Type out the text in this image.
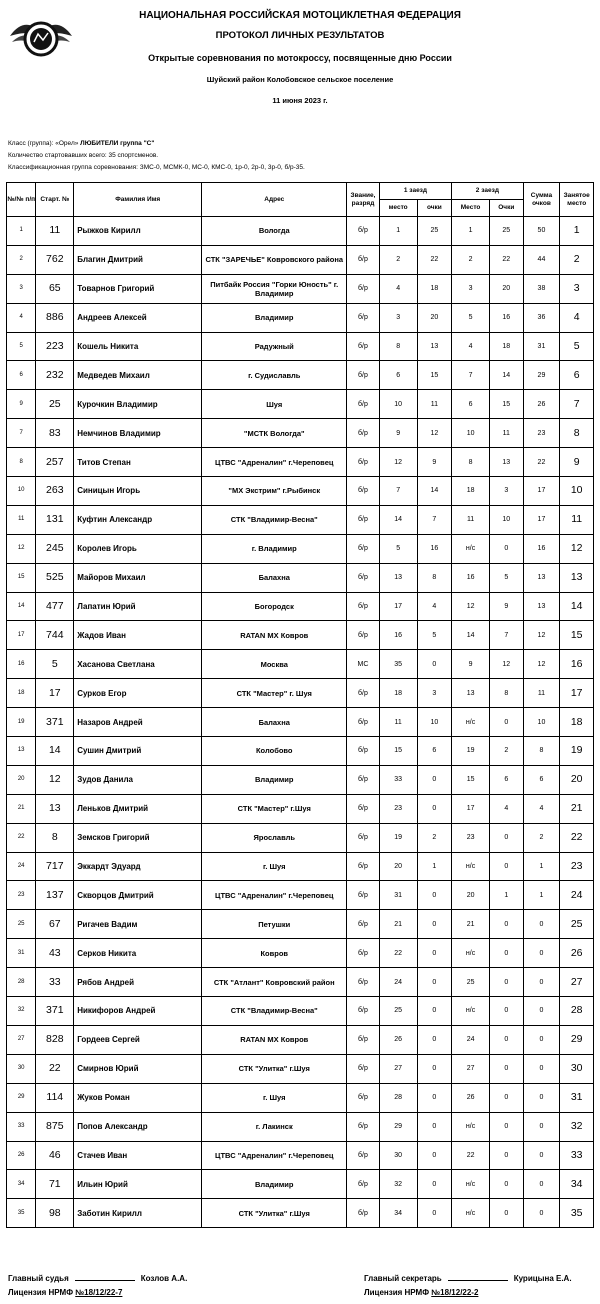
НАЦИОНАЛЬНАЯ РОССИЙСКАЯ МОТОЦИКЛЕТНАЯ ФЕДЕРАЦИЯ
ПРОТОКОЛ ЛИЧНЫХ РЕЗУЛЬТАТОВ
Открытые соревнования по мотокроссу, посвященные дню России
Шуйский район Колобовское сельское поселение
11 июня 2023 г.
Класс (группа): «Орел» ЛЮБИТЕЛИ группа "С"
Количество стартовавших всего: 35 спортсменов.
Классификационная группа соревнования: ЗМС-0, МСМК-0, МС-0, КМС-0, 1р-0, 2р-0, 3р-0, б/р-35.
№/№ п/п	Старт. №	Фамилия Имя	Адрес	Звание, разряд	1 заезд		2 заезд		Сумма очков	Занятое место
					место	очки	Место	Очки		
1	11	Рыжков Кирилл	Вологда	б/р	1	25	1	25	50	1
2	762	Благин Дмитрий	СТК "ЗАРЕЧЬЕ" Ковровского района	б/р	2	22	2	22	44	2
3	65	Товарнов Григорий	Питбайк Россия "Горки Юность" г. Владимир	б/р	4	18	3	20	38	3
4	886	Андреев Алексей	Владимир	б/р	3	20	5	16	36	4
5	223	Кошель Никита	Радужный	б/р	8	13	4	18	31	5
6	232	Медведев Михаил	г. Судиславль	б/р	6	15	7	14	29	6
9	25	Курочкин Владимир	Шуя	б/р	10	11	6	15	26	7
7	83	Немчинов Владимир	"МСТК Вологда"	б/р	9	12	10	11	23	8
8	257	Титов Степан	ЦТВС "Адреналин" г.Череповец	б/р	12	9	8	13	22	9
10	263	Синицын Игорь	"МХ Экстрим" г.Рыбинск	б/р	7	14	18	3	17	10
11	131	Куфтин Александр	СТК "Владимир-Весна"	б/р	14	7	11	10	17	11
12	245	Королев Игорь	г. Владимир	б/р	5	16	н/с	0	16	12
15	525	Майоров Михаил	Балахна	б/р	13	8	16	5	13	13
14	477	Лапатин Юрий	Богородск	б/р	17	4	12	9	13	14
17	744	Жадов Иван	RATAN MX Ковров	б/р	16	5	14	7	12	15
16	5	Хасанова Светлана	Москва	МС	35	0	9	12	12	16
18	17	Сурков Егор	СТК "Мастер" г. Шуя	б/р	18	3	13	8	11	17
19	371	Назаров Андрей	Балахна	б/р	11	10	н/с	0	10	18
13	14	Сушин Дмитрий	Колобово	б/р	15	6	19	2	8	19
20	12	Зудов Данила	Владимир	б/р	33	0	15	6	6	20
21	13	Леньков Дмитрий	СТК "Мастер" г.Шуя	б/р	23	0	17	4	4	21
22	8	Земсков Григорий	Ярославль	б/р	19	2	23	0	2	22
24	717	Эккардт Эдуард	г. Шуя	б/р	20	1	н/с	0	1	23
23	137	Скворцов Дмитрий	ЦТВС "Адреналин" г.Череповец	б/р	31	0	20	1	1	24
25	67	Ригачев Вадим	Петушки	б/р	21	0	21	0	0	25
31	43	Серков Никита	Ковров	б/р	22	0	н/с	0	0	26
28	33	Рябов Андрей	СТК "Атлант" Ковровский район	б/р	24	0	25	0	0	27
32	371	Никифоров Андрей	СТК "Владимир-Весна"	б/р	25	0	н/с	0	0	28
27	828	Гордеев Сергей	RATAN MX Ковров	б/р	26	0	24	0	0	29
30	22	Смирнов Юрий	СТК "Улитка" г.Шуя	б/р	27	0	27	0	0	30
29	114	Жуков Роман	г. Шуя	б/р	28	0	26	0	0	31
33	875	Попов Александр	г. Лакинск	б/р	29	0	н/с	0	0	32
26	46	Стачев Иван	ЦТВС "Адреналин" г.Череповец	б/р	30	0	22	0	0	33
34	71	Ильин Юрий	Владимир	б/р	32	0	н/с	0	0	34
35	98	Заботин Кирилл	СТК "Улитка" г.Шуя	б/р	34	0	н/с	0	0	35
Главный судья	Козлов А.А.
Лицензия НРМФ №18/12/22-7
Главный секретарь	Курицына Е.А.
Лицензия НРМФ №18/12/22-2
